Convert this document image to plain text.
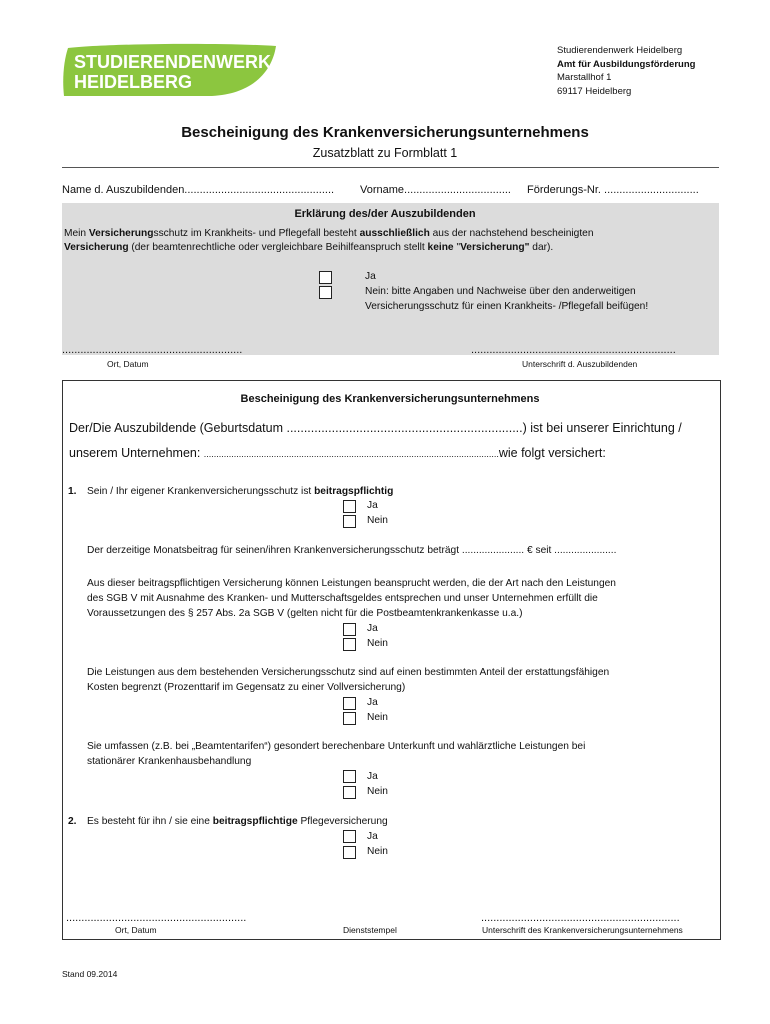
STUDIERENDENWERK
HEIDELBERG
Studierendenwerk Heidelberg
Amt für Ausbildungsförderung
Marstallhof 1
69117 Heidelberg
Bescheinigung des Krankenversicherungsunternehmens
Zusatzblatt zu Formblatt 1
Name d. Auszubildenden................................................. Vorname................................... Förderungs-Nr. ...............................
Erklärung des/der Auszubildenden
Mein Versicherungsschutz im Krankheits- und Pflegefall besteht ausschließlich aus der nachstehend bescheinigten
Versicherung (der beamtenrechtliche oder vergleichbare Beihilfeanspruch stellt keine "Versicherung" dar).
Ja
Nein: bitte Angaben und Nachweise über den anderweitigen
Versicherungsschutz für einen Krankheits- /Pflegefall beifügen!
...........................................................	...................................................................
Ort, Datum	Unterschrift d. Auszubildenden
Bescheinigung des Krankenversicherungsunternehmens
Der/Die Auszubildende (Geburtsdatum ....................................................................) ist bei unserer Einrichtung /
unserem Unternehmen: ......................................................................................................................wie folgt versichert:
1. Sein / Ihr eigener Krankenversicherungsschutz ist beitragspflichtig
Ja
Nein
Der derzeitige Monatsbeitrag für seinen/ihren Krankenversicherungsschutz beträgt ...................... € seit ......................
Aus dieser beitragspflichtigen Versicherung können Leistungen beansprucht werden, die der Art nach den Leistungen
des SGB V mit Ausnahme des Kranken- und Mutterschaftsgeldes entsprechen und unser Unternehmen erfüllt die
Voraussetzungen des § 257 Abs. 2a SGB V (gelten nicht für die Postbeamtenkrankenkasse u.a.)
Ja
Nein
Die Leistungen aus dem bestehenden Versicherungsschutz sind auf einen bestimmten Anteil der erstattungsfähigen
Kosten begrenzt (Prozenttarif im Gegensatz zu einer Vollversicherung)
Ja
Nein
Sie umfassen (z.B. bei „Beamtentarifen“) gesondert berechenbare Unterkunft und wahlärztliche Leistungen bei
stationärer Krankenhausbehandlung
Ja
Nein
2. Es besteht für ihn / sie eine beitragspflichtige Pflegeversicherung
Ja
Nein
...........................................................	.................................................................
Ort, Datum	Dienststempel	Unterschrift des Krankenversicherungsunternehmens
Stand 09.2014
